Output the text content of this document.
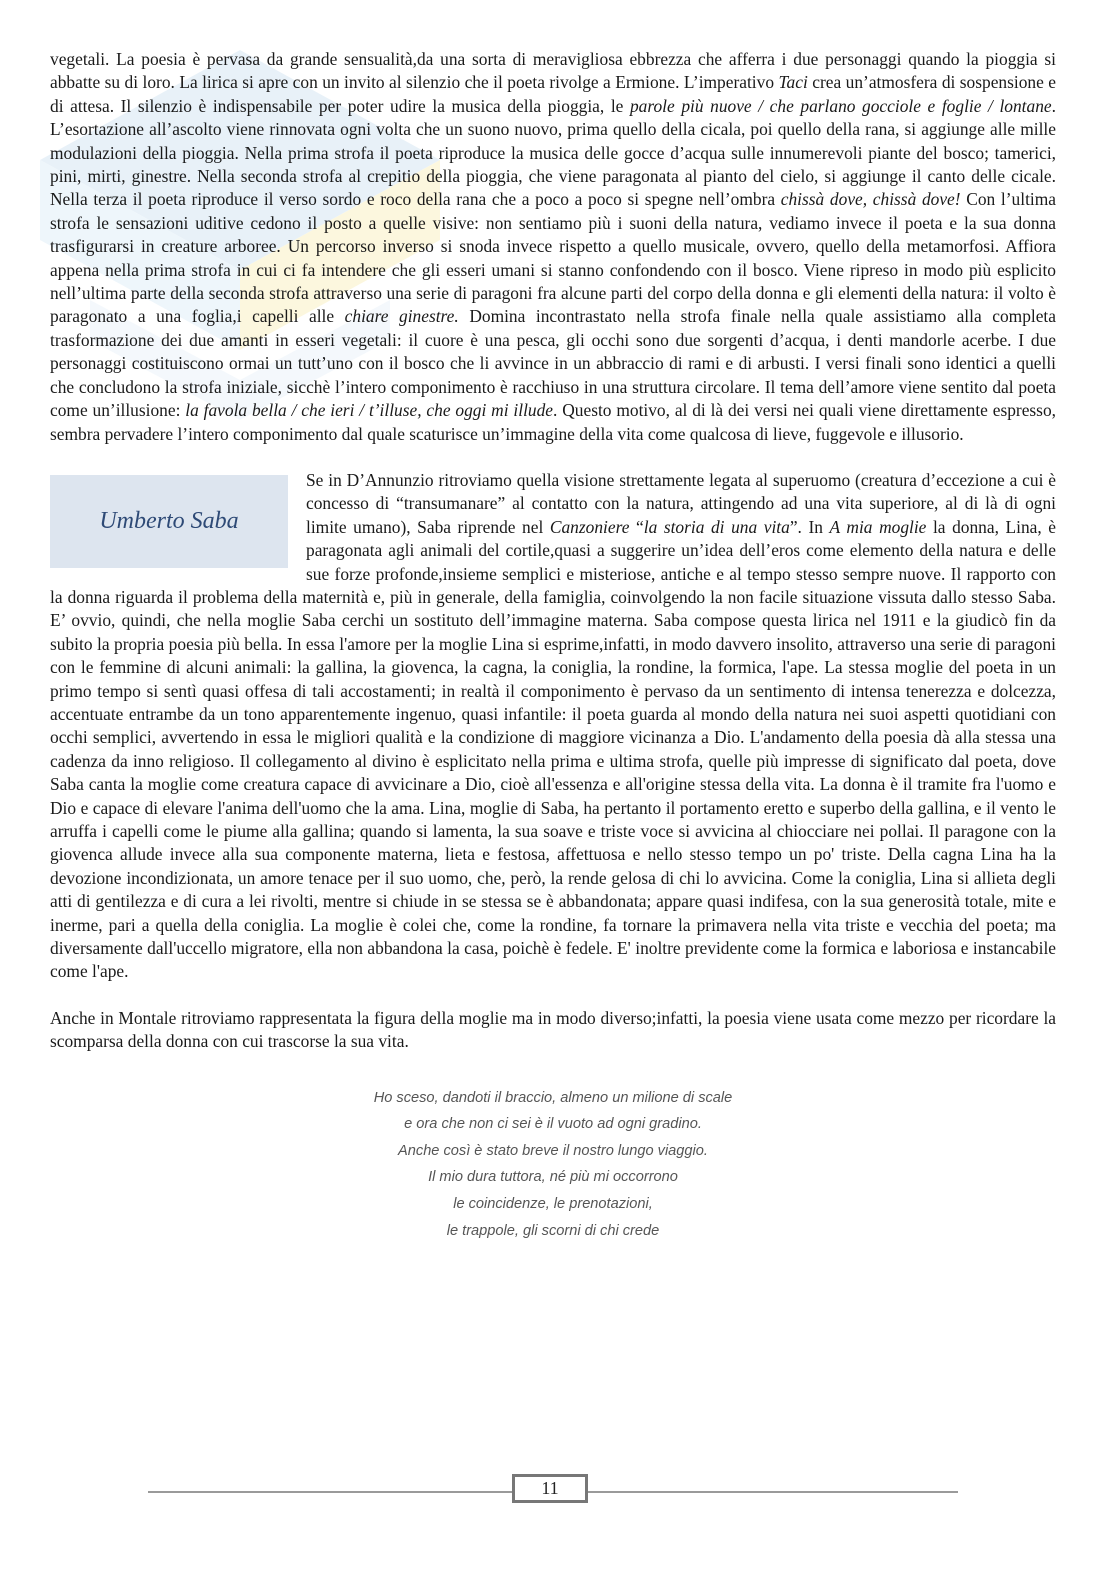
vegetali. La poesia è pervasa da grande sensualità,da una sorta di meravigliosa ebbrezza che afferra i due personaggi quando la pioggia si abbatte su di loro. La lirica si apre con un invito al silenzio che il poeta rivolge a Ermione. L’imperativo Taci crea un’atmosfera di sospensione e di attesa. Il silenzio è indispensabile per poter udire la musica della pioggia, le parole più nuove / che parlano gocciole e foglie / lontane. L’esortazione all’ascolto viene rinnovata ogni volta che un suono nuovo, prima quello della cicala, poi quello della rana, si aggiunge alle mille modulazioni della pioggia. Nella prima strofa il poeta riproduce la musica delle gocce d’acqua sulle innumerevoli piante del bosco; tamerici, pini, mirti, ginestre. Nella seconda strofa al crepitio della pioggia, che viene paragonata al pianto del cielo, si aggiunge il canto delle cicale. Nella terza il poeta riproduce il verso sordo e roco della rana che a poco a poco si spegne nell’ombra chissà dove, chissà dove! Con l’ultima strofa le sensazioni uditive cedono il posto a quelle visive: non sentiamo più i suoni della natura, vediamo invece il poeta e la sua donna trasfigurarsi in creature arboree. Un percorso inverso si snoda invece rispetto a quello musicale, ovvero, quello della metamorfosi. Affiora appena nella prima strofa in cui ci fa intendere che gli esseri umani si stanno confondendo con il bosco. Viene ripreso in modo più esplicito nell’ultima parte della seconda strofa attraverso una serie di paragoni fra alcune parti del corpo della donna e gli elementi della natura: il volto è paragonato a una foglia,i capelli alle chiare ginestre. Domina incontrastato nella strofa finale nella quale assistiamo alla completa trasformazione dei due amanti in esseri vegetali: il cuore è una pesca, gli occhi sono due sorgenti d’acqua, i denti mandorle acerbe. I due personaggi costituiscono ormai un tutt’uno con il bosco che li avvince in un abbraccio di rami e di arbusti. I versi finali sono identici a quelli che concludono la strofa iniziale, sicchè l’intero componimento è racchiuso in una struttura circolare. Il tema dell’amore viene sentito dal poeta come un’illusione: la favola bella / che ieri / t’illuse, che oggi mi illude. Questo motivo, al di là dei versi nei quali viene direttamente espresso, sembra pervadere l’intero componimento dal quale scaturisce un’immagine della vita come qualcosa di lieve, fuggevole e illusorio.

Umberto Saba

Se in D’Annunzio ritroviamo quella visione strettamente legata al superuomo (creatura d’eccezione a cui è concesso di “transumanare” al contatto con la natura, attingendo ad una vita superiore, al di là di ogni limite umano), Saba riprende nel Canzoniere “la storia di una vita”. In A mia moglie la donna, Lina, è paragonata agli animali del cortile,quasi a suggerire un’idea dell’eros come elemento della natura e delle sue forze profonde,insieme semplici e misteriose, antiche e al tempo stesso sempre nuove. Il rapporto con la donna riguarda il problema della maternità e, più in generale, della famiglia, coinvolgendo la non facile situazione vissuta dallo stesso Saba. E’ ovvio, quindi, che nella moglie Saba cerchi un sostituto dell’immagine materna. Saba compose questa lirica nel 1911 e la giudicò fin da subito la propria poesia più bella. In essa l'amore per la moglie Lina si esprime,infatti, in modo davvero insolito, attraverso una serie di paragoni con le femmine di alcuni animali: la gallina, la giovenca, la cagna, la coniglia, la rondine, la formica, l'ape. La stessa moglie del poeta in un primo tempo si sentì quasi offesa di tali accostamenti; in realtà il componimento è pervaso da un sentimento di intensa tenerezza e dolcezza, accentuate entrambe da un tono apparentemente ingenuo, quasi infantile: il poeta guarda al mondo della natura nei suoi aspetti quotidiani con occhi semplici, avvertendo in essa le migliori qualità e la condizione di maggiore vicinanza a Dio. L'andamento della poesia dà alla stessa una cadenza da inno religioso. Il collegamento al divino è esplicitato nella prima e ultima strofa, quelle più impresse di significato dal poeta, dove Saba canta la moglie come creatura capace di avvicinare a Dio, cioè all'essenza e all'origine stessa della vita. La donna è il tramite fra l'uomo e Dio e capace di elevare l'anima dell'uomo che la ama. Lina, moglie di Saba, ha pertanto il portamento eretto e superbo della gallina, e il vento le arruffa i capelli come le piume alla gallina; quando si lamenta, la sua soave e triste voce si avvicina al chiocciare nei pollai. Il paragone con la giovenca allude invece alla sua componente materna, lieta e festosa, affettuosa e nello stesso tempo un po' triste. Della cagna Lina ha la devozione incondizionata, un amore tenace per il suo uomo, che, però, la rende gelosa di chi lo avvicina. Come la coniglia, Lina si allieta degli atti di gentilezza e di cura a lei rivolti, mentre si chiude in se stessa se è abbandonata; appare quasi indifesa, con la sua generosità totale, mite e inerme, pari a quella della coniglia. La moglie è colei che, come la rondine, fa tornare la primavera nella vita triste e vecchia del poeta; ma diversamente dall'uccello migratore, ella non abbandona la casa, poichè è fedele. E' inoltre previdente come la formica e laboriosa e instancabile come l'ape.

Anche in Montale ritroviamo rappresentata la figura della moglie ma in modo diverso;infatti, la poesia viene usata come mezzo per ricordare la scomparsa della donna con cui trascorse la sua vita.

Ho sceso, dandoti il braccio, almeno un milione di scale
e ora che non ci sei è il vuoto ad ogni gradino.
Anche così è stato breve il nostro lungo viaggio.
Il mio dura tuttora, né più mi occorrono
le coincidenze, le prenotazioni,
le trappole, gli scorni di chi crede
11
